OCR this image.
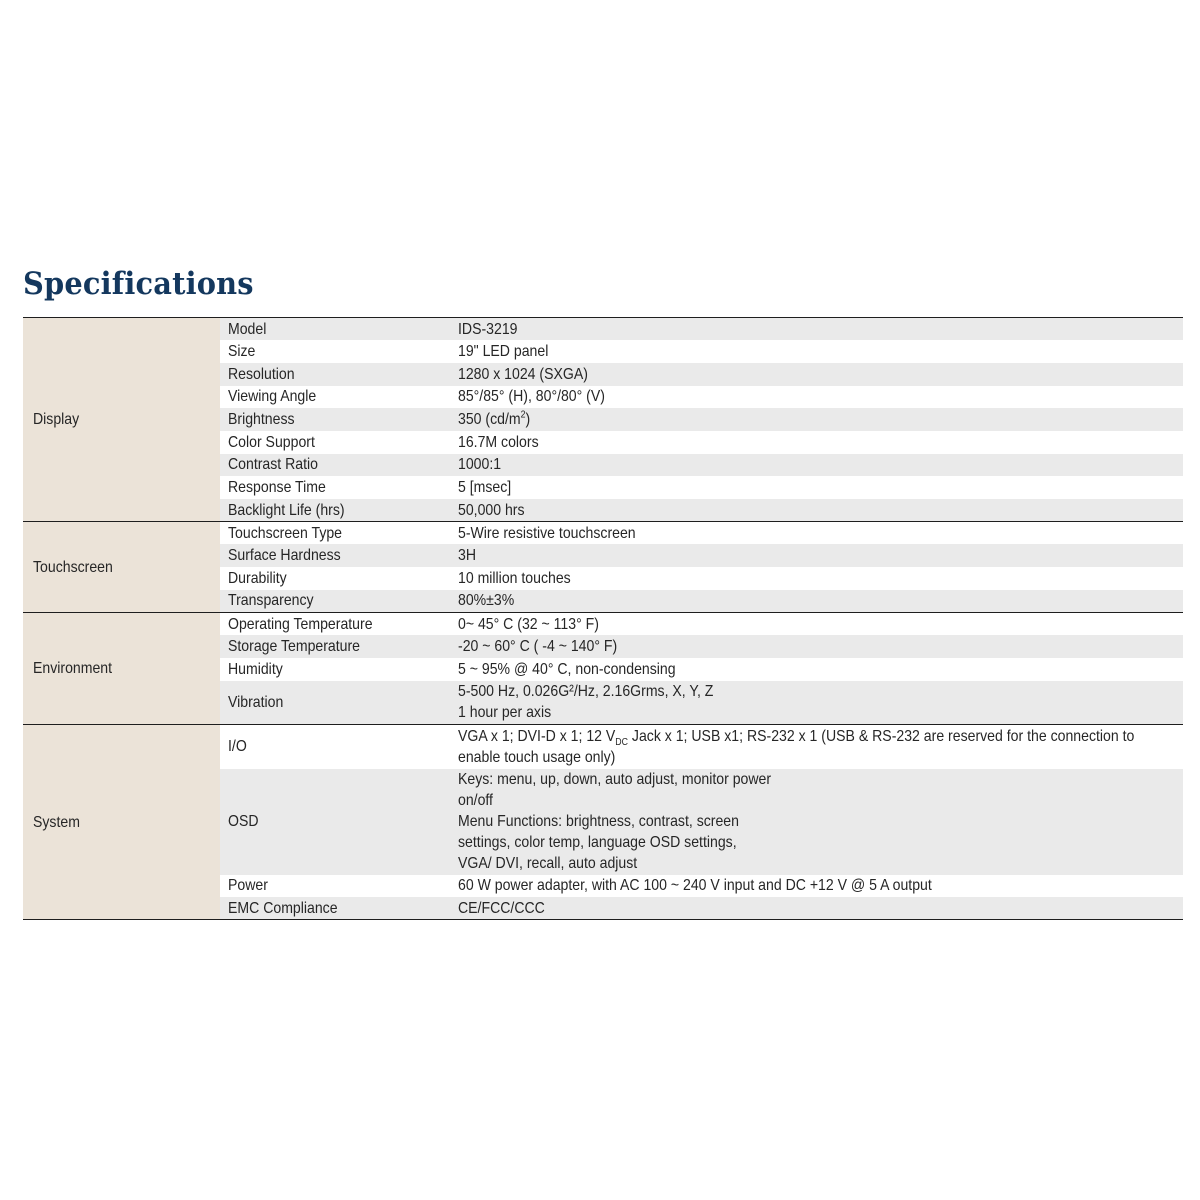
Specifications
Display	Model	IDS-3219
	Size	19" LED panel
	Resolution	1280 x 1024 (SXGA)
	Viewing Angle	85°/85° (H), 80°/80° (V)
	Brightness	350 $(cd/m^2)$
	Color Support	16.7M colors
	Contrast Ratio	1000:1
	Response Time	5 [msec]
	Backlight Life (hrs)	50,000 hrs
Touchscreen	Touchscreen Type	5-Wire resistive touchscreen
	Surface Hardness	3H
	Durability	10 million touches
	Transparency	80%±3%
Environment	Operating Temperature	0~ 45° C (32 ~ 113° F)
	Storage Temperature	-20 ~ 60° C ( -4 ~ 140° F)
	Humidity	5 ~ 95% @ 40° C, non-condensing
	Vibration	5-500 Hz, 0.026G²/Hz, 2.16Grms, X, Y, Z
1 hour per axis
System	I/O	VGA x 1; DVI-D x 1; 12 $V_{DC}$ Jack x 1; USB x1; RS-232 x 1 (USB & RS-232 are reserved for the connection to
enable touch usage only)
	OSD	Keys: menu, up, down, auto adjust, monitor power
on/off
Menu Functions: brightness, contrast, screen
settings, color temp, language OSD settings,
VGA/ DVI, recall, auto adjust
	Power	60 W power adapter, with AC 100 ~ 240 V input and DC +12 V @ 5 A output
	EMC Compliance	CE/FCC/CCC
